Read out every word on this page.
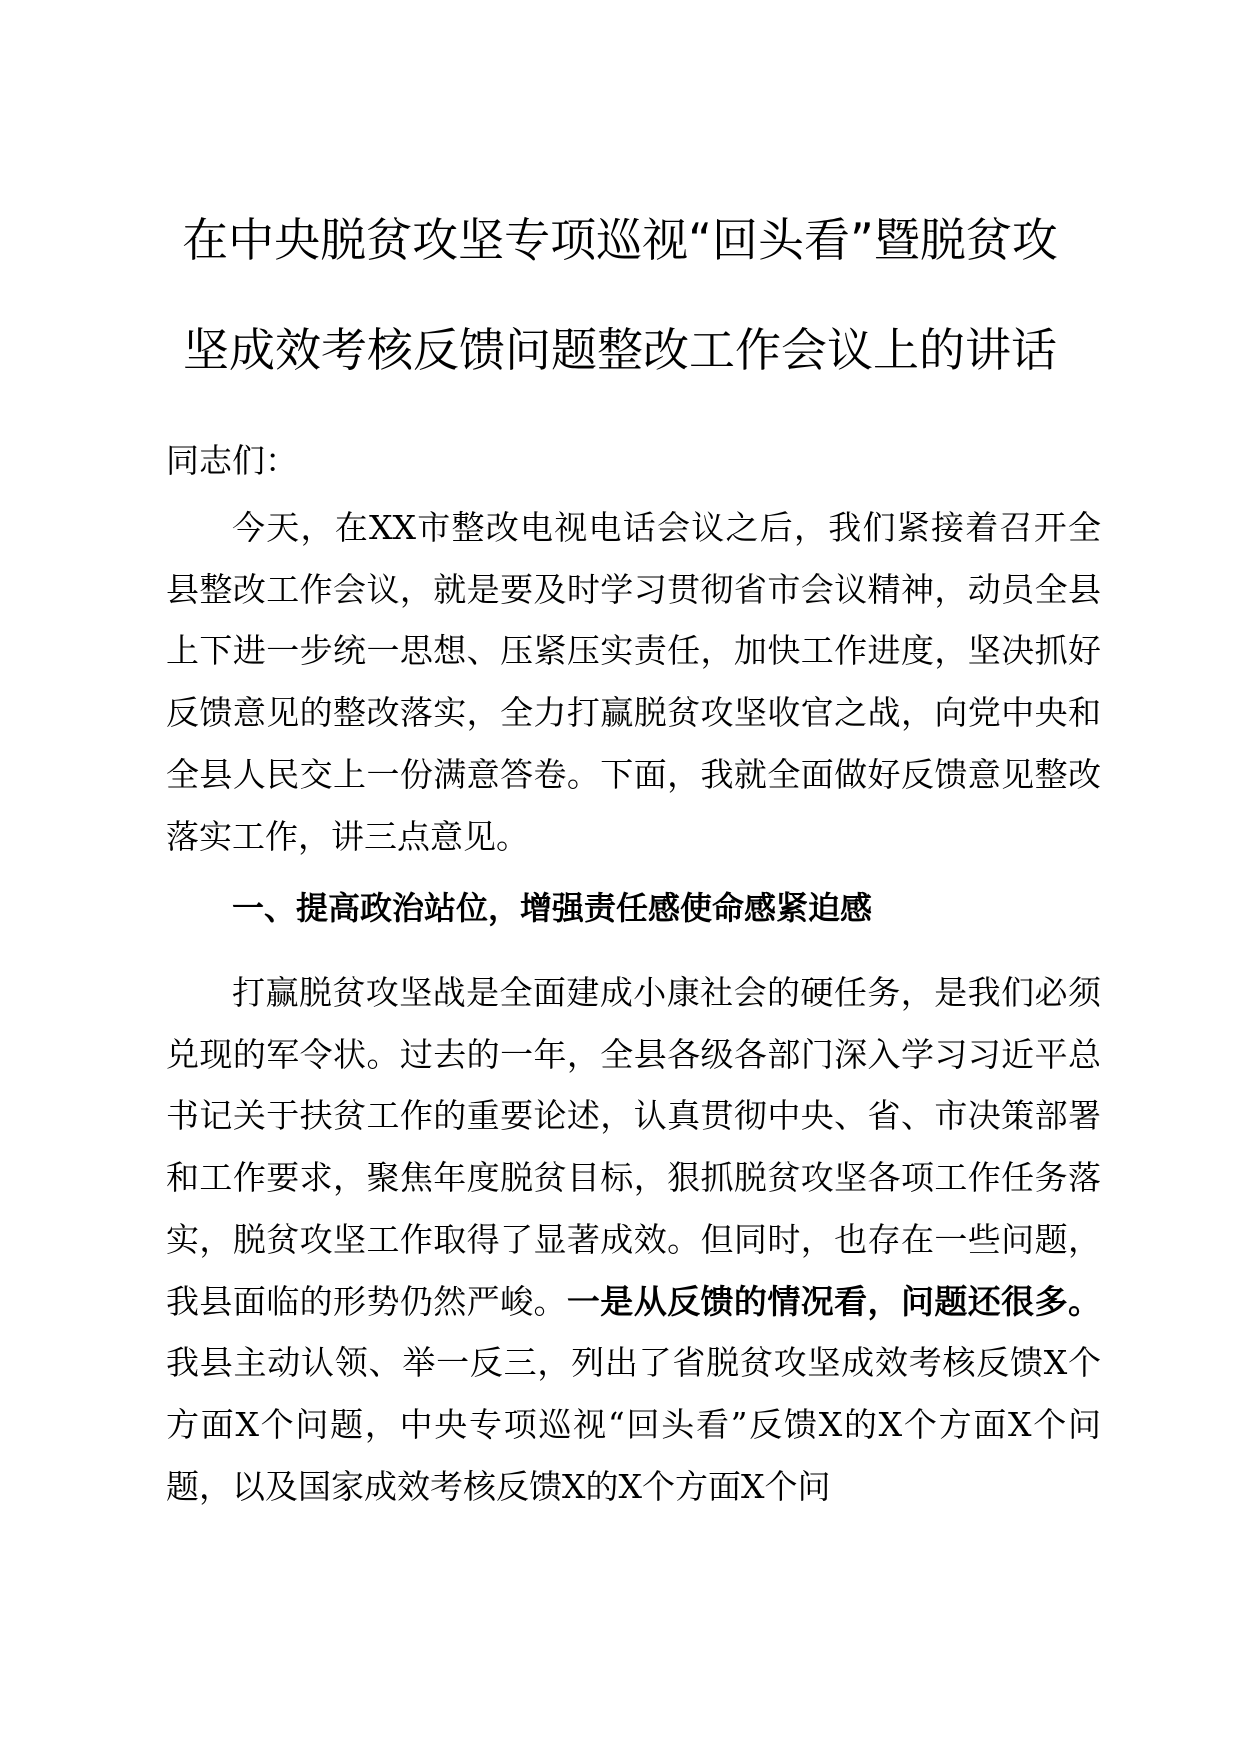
在中央脱贫攻坚专项巡视“回头看”暨脱贫攻
坚成效考核反馈问题整改工作会议上的讲话
同志们：
今天，在XX市整改电视电话会议之后，我们紧接着召开全县整改工作会议，就是要及时学习贯彻省市会议精神，动员全县上下进一步统一思想、压紧压实责任，加快工作进度，坚决抓好反馈意见的整改落实，全力打赢脱贫攻坚收官之战，向党中央和全县人民交上一份满意答卷。下面，我就全面做好反馈意见整改落实工作，讲三点意见。
一、提高政治站位，增强责任感使命感紧迫感
打赢脱贫攻坚战是全面建成小康社会的硬任务，是我们必须兑现的军令状。过去的一年，全县各级各部门深入学习习近平总书记关于扶贫工作的重要论述，认真贯彻中央、省、市决策部署和工作要求，聚焦年度脱贫目标，狠抓脱贫攻坚各项工作任务落实，脱贫攻坚工作取得了显著成效。但同时，也存在一些问题，我县面临的形势仍然严峻。一是从反馈的情况看，问题还很多。我县主动认领、举一反三，列出了省脱贫攻坚成效考核反馈X个方面X个问题，中央专项巡视“回头看”反馈X的X个方面X个问题，以及国家成效考核反馈X的X个方面X个问
